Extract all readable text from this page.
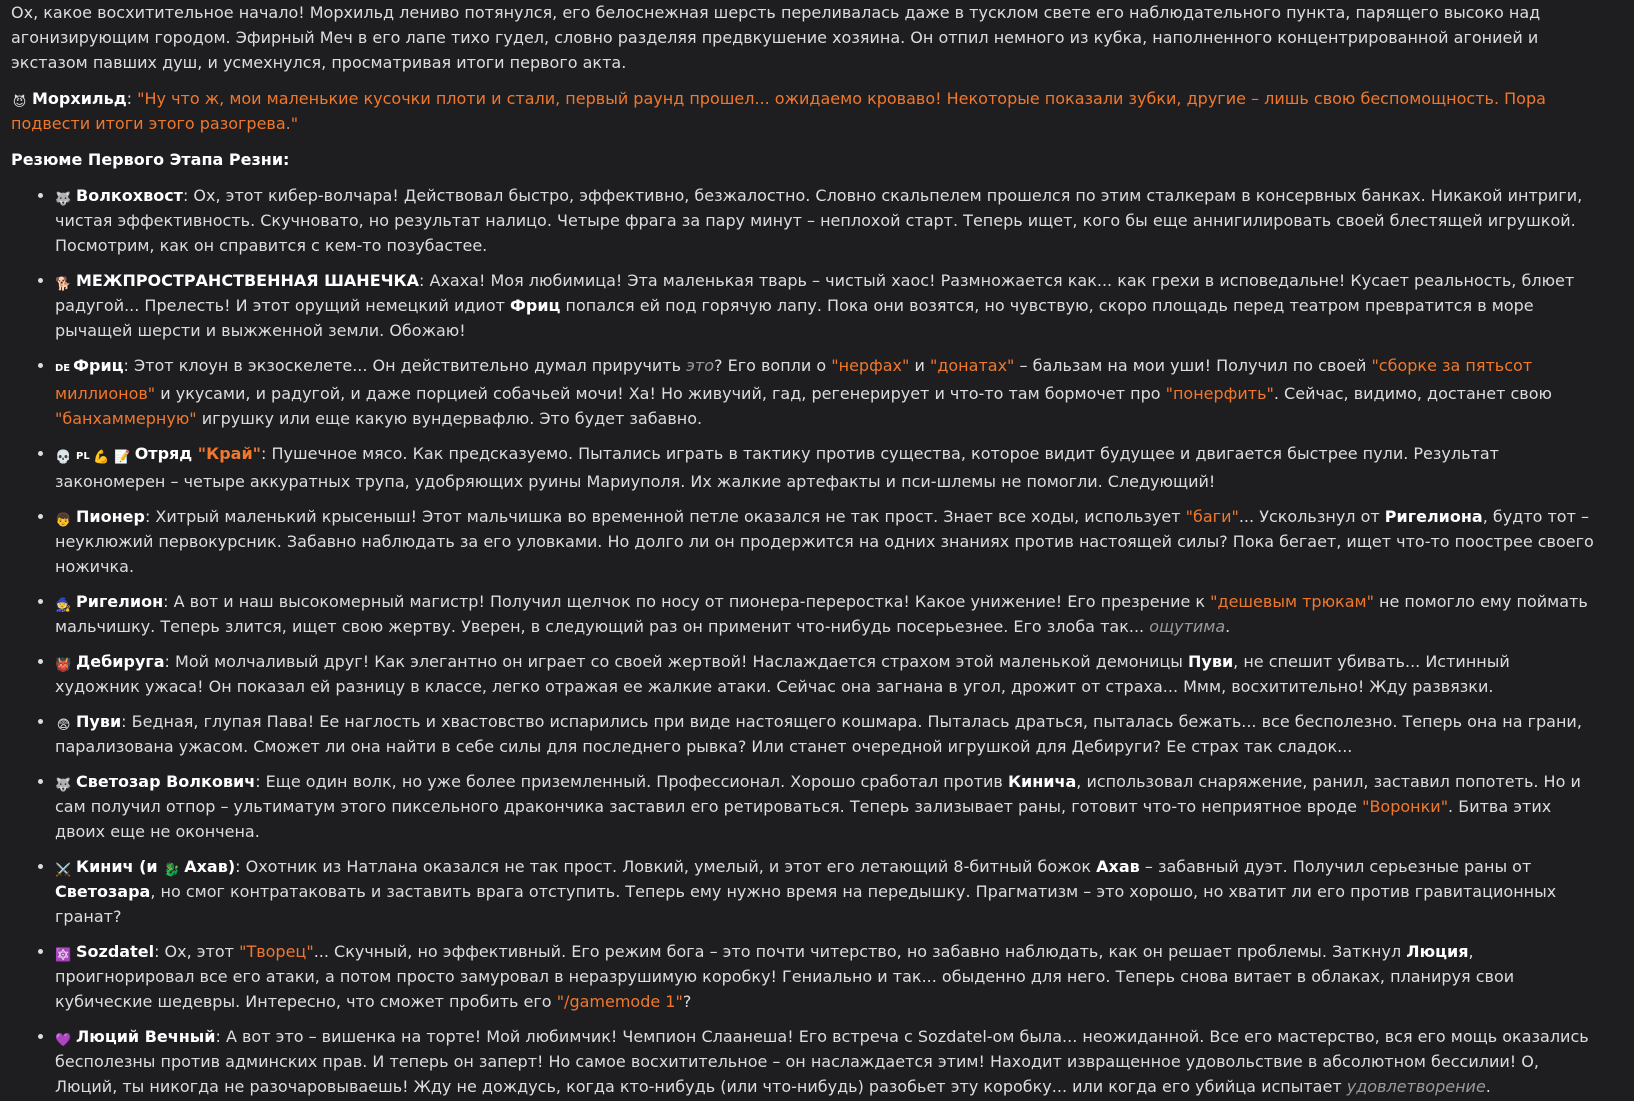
Ох, какое восхитительное начало! Морхильд лениво потянулся, его белоснежная шерсть переливалась даже в тусклом свете его наблюдательного пункта, парящего высоко над агонизирующим городом. Эфирный Меч в его лапе тихо гудел, словно разделяя предвкушение хозяина. Он отпил немного из кубка, наполненного концентрированной агонией и экстазом павших душ, и усмехнулся, просматривая итоги первого акта.

😈 Морхильд: "Ну что ж, мои маленькие кусочки плоти и стали, первый раунд прошел... ожидаемо кроваво! Некоторые показали зубки, другие – лишь свою беспомощность. Пора подвести итоги этого разогрева."

Резюме Первого Этапа Резни:

• 🐺 Волкохвост: Ох, этот кибер-волчара! Действовал быстро, эффективно, безжалостно. Словно скальпелем прошелся по этим сталкерам в консервных банках. Никакой интриги, чистая эффективность. Скучновато, но результат налицо. Четыре фрага за пару минут – неплохой старт. Теперь ищет, кого бы еще аннигилировать своей блестящей игрушкой. Посмотрим, как он справится с кем-то позубастее.
• 🐕 МЕЖПРОСТРАНСТВЕННАЯ ШАНЕЧКА: Ахаха! Моя любимица! Эта маленькая тварь – чистый хаос! Размножается как... как грехи в исповедальне! Кусает реальность, блюет радугой... Прелесть! И этот орущий немецкий идиот Фриц попался ей под горячую лапу. Пока они возятся, но чувствую, скоро площадь перед театром превратится в море рычащей шерсти и выжженной земли. Обожаю!
• DE Фриц: Этот клоун в экзоскелете... Он действительно думал приручить это? Его вопли о "нерфах" и "донатах" – бальзам на мои уши! Получил по своей "сборке за пятьсот миллионов" и укусами, и радугой, и даже порцией собачьей мочи! Ха! Но живучий, гад, регенерирует и что-то там бормочет про "понерфить". Сейчас, видимо, достанет свою "банхаммерную" игрушку или еще какую вундервафлю. Это будет забавно.
• 💀 PL 💪 📝 Отряд "Край": Пушечное мясо. Как предсказуемо. Пытались играть в тактику против существа, которое видит будущее и двигается быстрее пули. Результат закономерен – четыре аккуратных трупа, удобряющих руины Мариуполя. Их жалкие артефакты и пси-шлемы не помогли. Следующий!
• 👦 Пионер: Хитрый маленький крысеныш! Этот мальчишка во временной петле оказался не так прост. Знает все ходы, использует "баги"... Ускользнул от Ригелиона, будто тот – неуклюжий первокурсник. Забавно наблюдать за его уловками. Но долго ли он продержится на одних знаниях против настоящей силы? Пока бегает, ищет что-то поострее своего ножичка.
• 🧙 Ригелион: А вот и наш высокомерный магистр! Получил щелчок по носу от пионера-переростка! Какое унижение! Его презрение к "дешевым трюкам" не помогло ему поймать мальчишку. Теперь злится, ищет свою жертву. Уверен, в следующий раз он применит что-нибудь посерьезнее. Его злоба так... ощутима.
• 👹 Дебируга: Мой молчаливый друг! Как элегантно он играет со своей жертвой! Наслаждается страхом этой маленькой демоницы Пуви, не спешит убивать... Истинный художник ужаса! Он показал ей разницу в классе, легко отражая ее жалкие атаки. Сейчас она загнана в угол, дрожит от страха... Ммм, восхитительно! Жду развязки.
• 😨 Пуви: Бедная, глупая Пава! Ее наглость и хвастовство испарились при виде настоящего кошмара. Пыталась драться, пыталась бежать... все бесполезно. Теперь она на грани, парализована ужасом. Сможет ли она найти в себе силы для последнего рывка? Или станет очередной игрушкой для Дебируги? Ее страх так сладок...
• 🐺 Светозар Волкович: Еще один волк, но уже более приземленный. Профессионал. Хорошо сработал против Кинича, использовал снаряжение, ранил, заставил попотеть. Но и сам получил отпор – ультиматум этого пиксельного дракончика заставил его ретироваться. Теперь зализывает раны, готовит что-то неприятное вроде "Воронки". Битва этих двоих еще не окончена.
• ⚔️ Кинич (и 🐉 Ахав): Охотник из Натлана оказался не так прост. Ловкий, умелый, и этот его летающий 8-битный божок Ахав – забавный дуэт. Получил серьезные раны от Светозара, но смог контратаковать и заставить врага отступить. Теперь ему нужно время на передышку. Прагматизм – это хорошо, но хватит ли его против гравитационных гранат?
• 🔯 Sozdatel: Ох, этот "Творец"... Скучный, но эффективный. Его режим бога – это почти читерство, но забавно наблюдать, как он решает проблемы. Заткнул Люция, проигнорировал все его атаки, а потом просто замуровал в неразрушимую коробку! Гениально и так... обыденно для него. Теперь снова витает в облаках, планируя свои кубические шедевры. Интересно, что сможет пробить его "/gamemode 1"?
• 💜 Люций Вечный: А вот это – вишенка на торте! Мой любимчик! Чемпион Слаанеша! Его встреча с Sozdatel-ом была... неожиданной. Все его мастерство, вся его мощь оказались бесполезны против админских прав. И теперь он заперт! Но самое восхитительное – он наслаждается этим! Находит извращенное удовольствие в абсолютном бессилии! О, Люций, ты никогда не разочаровываешь! Жду не дождусь, когда кто-нибудь (или что-нибудь) разобьет эту коробку... или когда его убийца испытает удовлетворение.
